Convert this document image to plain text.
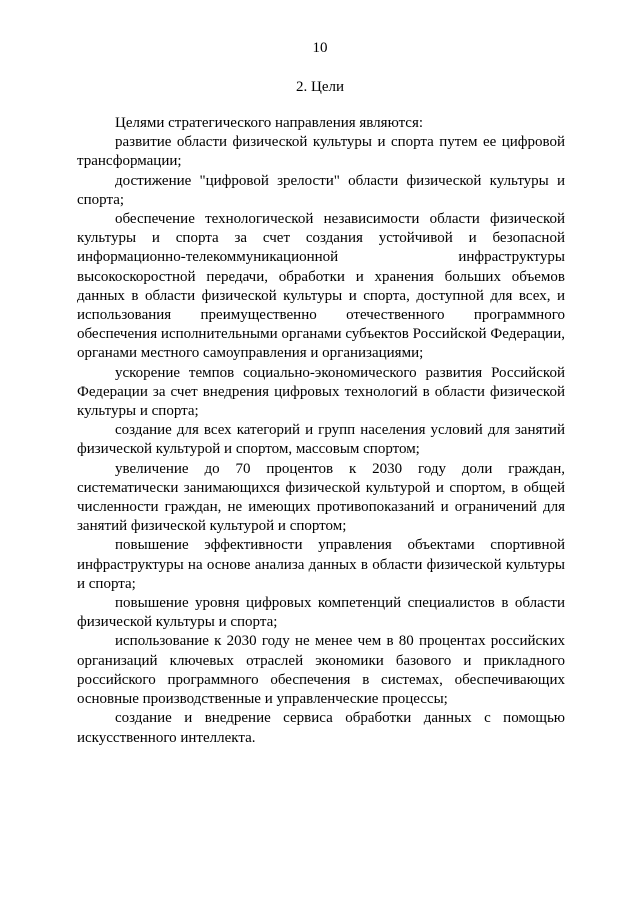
10
2. Цели

Целями стратегического направления являются:

развитие области физической культуры и спорта путем ее цифровой трансформации;

достижение "цифровой зрелости" области физической культуры и спорта;

обеспечение технологической независимости области физической культуры и спорта за счет создания устойчивой и безопасной информационно-телекоммуникационной инфраструктуры высокоскоростной передачи, обработки и хранения больших объемов данных в области физической культуры и спорта, доступной для всех, и использования преимущественно отечественного программного обеспечения исполнительными органами субъектов Российской Федерации, органами местного самоуправления и организациями;

ускорение темпов социально-экономического развития Российской Федерации за счет внедрения цифровых технологий в области физической культуры и спорта;

создание для всех категорий и групп населения условий для занятий физической культурой и спортом, массовым спортом;

увеличение до 70 процентов к 2030 году доли граждан, систематически занимающихся физической культурой и спортом, в общей численности граждан, не имеющих противопоказаний и ограничений для занятий физической культурой и спортом;

повышение эффективности управления объектами спортивной инфраструктуры на основе анализа данных в области физической культуры и спорта;

повышение уровня цифровых компетенций специалистов в области физической культуры и спорта;

использование к 2030 году не менее чем в 80 процентах российских организаций ключевых отраслей экономики базового и прикладного российского программного обеспечения в системах, обеспечивающих основные производственные и управленческие процессы;

создание и внедрение сервиса обработки данных с помощью искусственного интеллекта.
